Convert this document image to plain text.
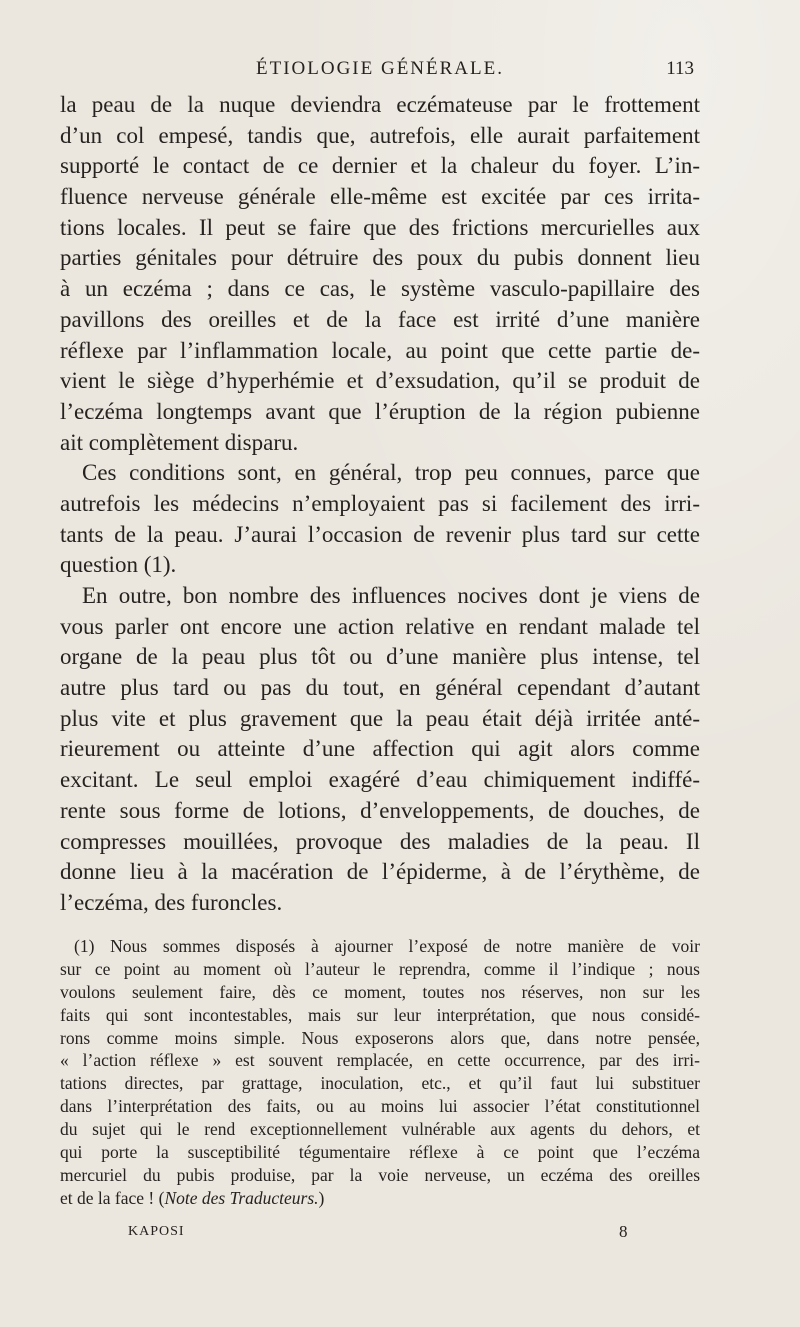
ÉTIOLOGIE GÉNÉRALE.	113
la peau de la nuque deviendra eczémateuse par le frottement
d’un col empesé, tandis que, autrefois, elle aurait parfaitement
supporté le contact de ce dernier et la chaleur du foyer. L’in-
fluence nerveuse générale elle-même est excitée par ces irrita-
tions locales. Il peut se faire que des frictions mercurielles aux
parties génitales pour détruire des poux du pubis donnent lieu
à un eczéma ; dans ce cas, le système vasculo-papillaire des
pavillons des oreilles et de la face est irrité d’une manière
réflexe par l’inflammation locale, au point que cette partie de-
vient le siège d’hyperhémie et d’exsudation, qu’il se produit de
l’eczéma longtemps avant que l’éruption de la région pubienne
ait complètement disparu.
Ces conditions sont, en général, trop peu connues, parce que
autrefois les médecins n’employaient pas si facilement des irri-
tants de la peau. J’aurai l’occasion de revenir plus tard sur cette
question (1).
En outre, bon nombre des influences nocives dont je viens de
vous parler ont encore une action relative en rendant malade tel
organe de la peau plus tôt ou d’une manière plus intense, tel
autre plus tard ou pas du tout, en général cependant d’autant
plus vite et plus gravement que la peau était déjà irritée anté-
rieurement ou atteinte d’une affection qui agit alors comme
excitant. Le seul emploi exagéré d’eau chimiquement indiffé-
rente sous forme de lotions, d’enveloppements, de douches, de
compresses mouillées, provoque des maladies de la peau. Il
donne lieu à la macération de l’épiderme, à de l’érythème, de
l’eczéma, des furoncles.
(1) Nous sommes disposés à ajourner l’exposé de notre manière de voir
sur ce point au moment où l’auteur le reprendra, comme il l’indique ; nous
voulons seulement faire, dès ce moment, toutes nos réserves, non sur les
faits qui sont incontestables, mais sur leur interprétation, que nous considé-
rons comme moins simple. Nous exposerons alors que, dans notre pensée,
« l’action réflexe » est souvent remplacée, en cette occurrence, par des irri-
tations directes, par grattage, inoculation, etc., et qu’il faut lui substituer
dans l’interprétation des faits, ou au moins lui associer l’état constitutionnel
du sujet qui le rend exceptionnellement vulnérable aux agents du dehors, et
qui porte la susceptibilité tégumentaire réflexe à ce point que l’eczéma
mercuriel du pubis produise, par la voie nerveuse, un eczéma des oreilles
et de la face ! (Note des Traducteurs.)
KAPOSI	8
